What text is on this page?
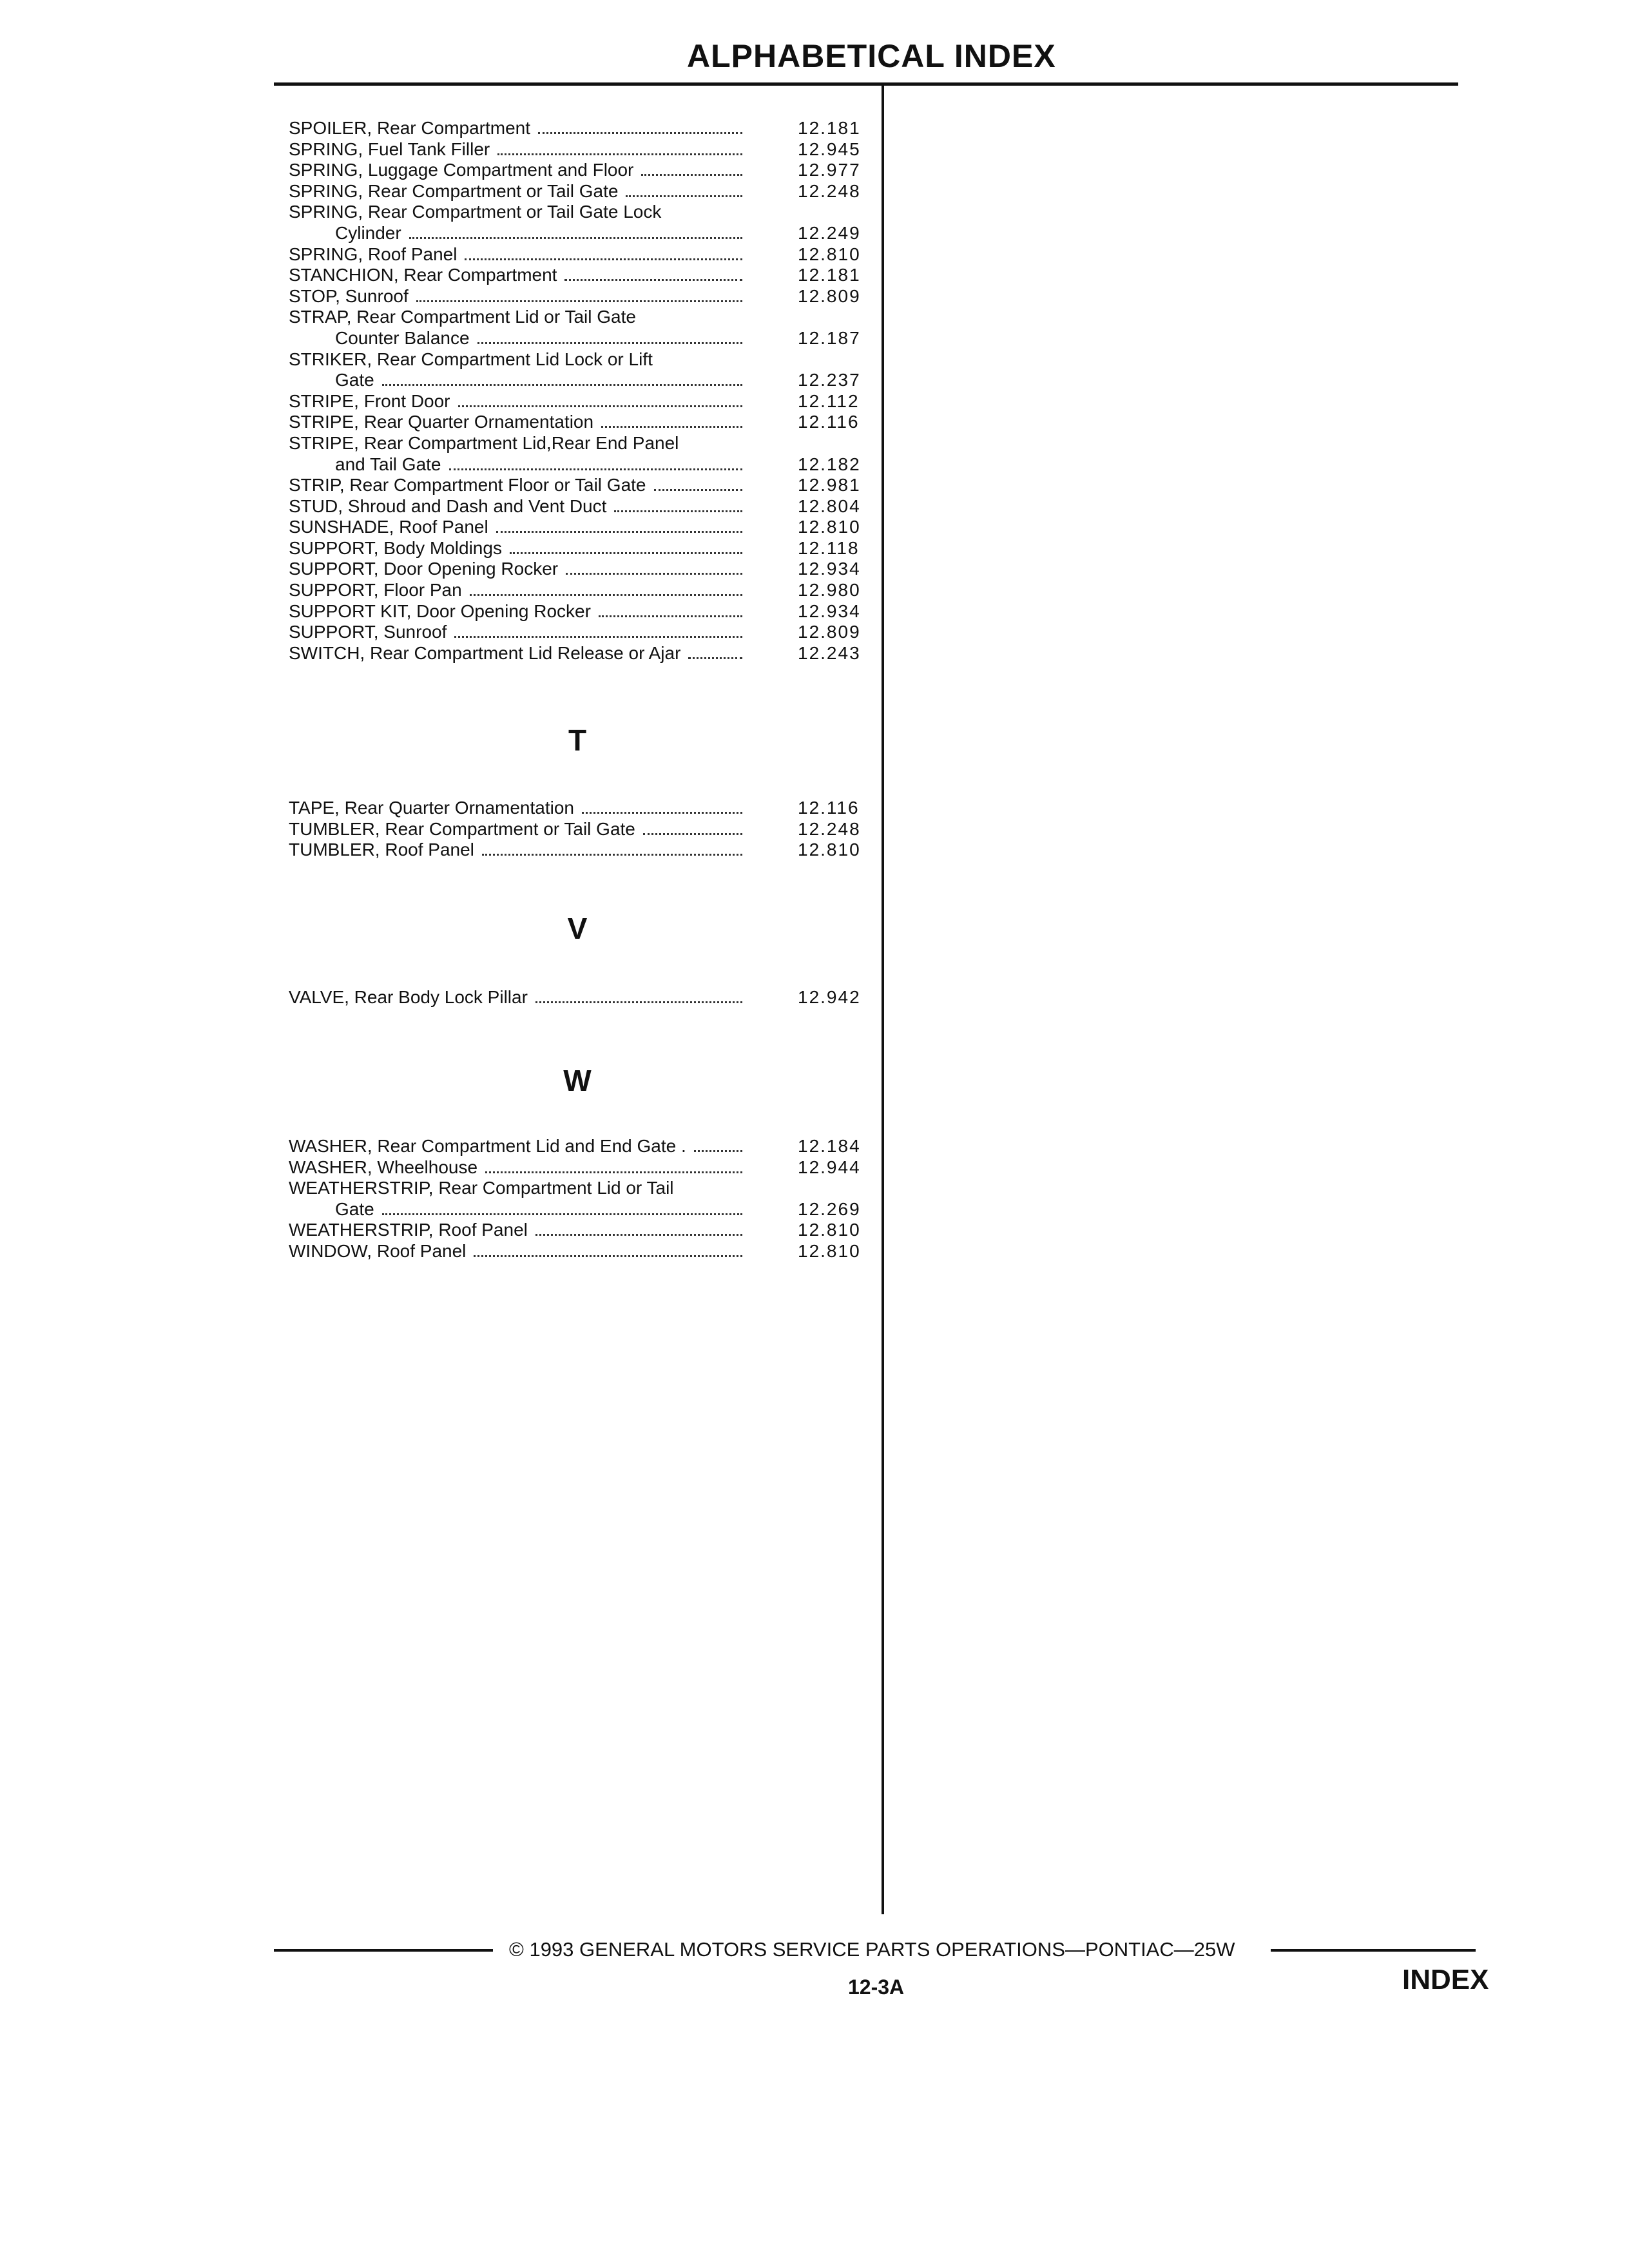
ALPHABETICAL INDEX
SPOILER, Rear Compartment	12.181
SPRING, Fuel Tank Filler	12.945
SPRING, Luggage Compartment and Floor	12.977
SPRING, Rear Compartment or Tail Gate	12.248
SPRING, Rear Compartment or Tail Gate Lock
Cylinder	12.249
SPRING, Roof Panel	12.810
STANCHION, Rear Compartment	12.181
STOP, Sunroof	12.809
STRAP, Rear Compartment Lid or Tail Gate
Counter Balance	12.187
STRIKER, Rear Compartment Lid Lock or Lift
Gate	12.237
STRIPE, Front Door	12.112
STRIPE, Rear Quarter Ornamentation	12.116
STRIPE, Rear Compartment Lid,Rear End Panel
and Tail Gate	12.182
STRIP, Rear Compartment Floor or Tail Gate	12.981
STUD, Shroud and Dash and Vent Duct	12.804
SUNSHADE, Roof Panel	12.810
SUPPORT, Body Moldings	12.118
SUPPORT, Door Opening Rocker	12.934
SUPPORT, Floor Pan	12.980
SUPPORT KIT, Door Opening Rocker	12.934
SUPPORT, Sunroof	12.809
SWITCH, Rear Compartment Lid Release or Ajar	12.243
T
TAPE, Rear Quarter Ornamentation	12.116
TUMBLER, Rear Compartment or Tail Gate	12.248
TUMBLER, Roof Panel	12.810
V
VALVE, Rear Body Lock Pillar	12.942
W
WASHER, Rear Compartment Lid and End Gate .	12.184
WASHER, Wheelhouse	12.944
WEATHERSTRIP, Rear Compartment Lid or Tail
Gate	12.269
WEATHERSTRIP, Roof Panel	12.810
WINDOW, Roof Panel	12.810
© 1993 GENERAL MOTORS SERVICE PARTS OPERATIONS—PONTIAC—25W
12-3A	INDEX
